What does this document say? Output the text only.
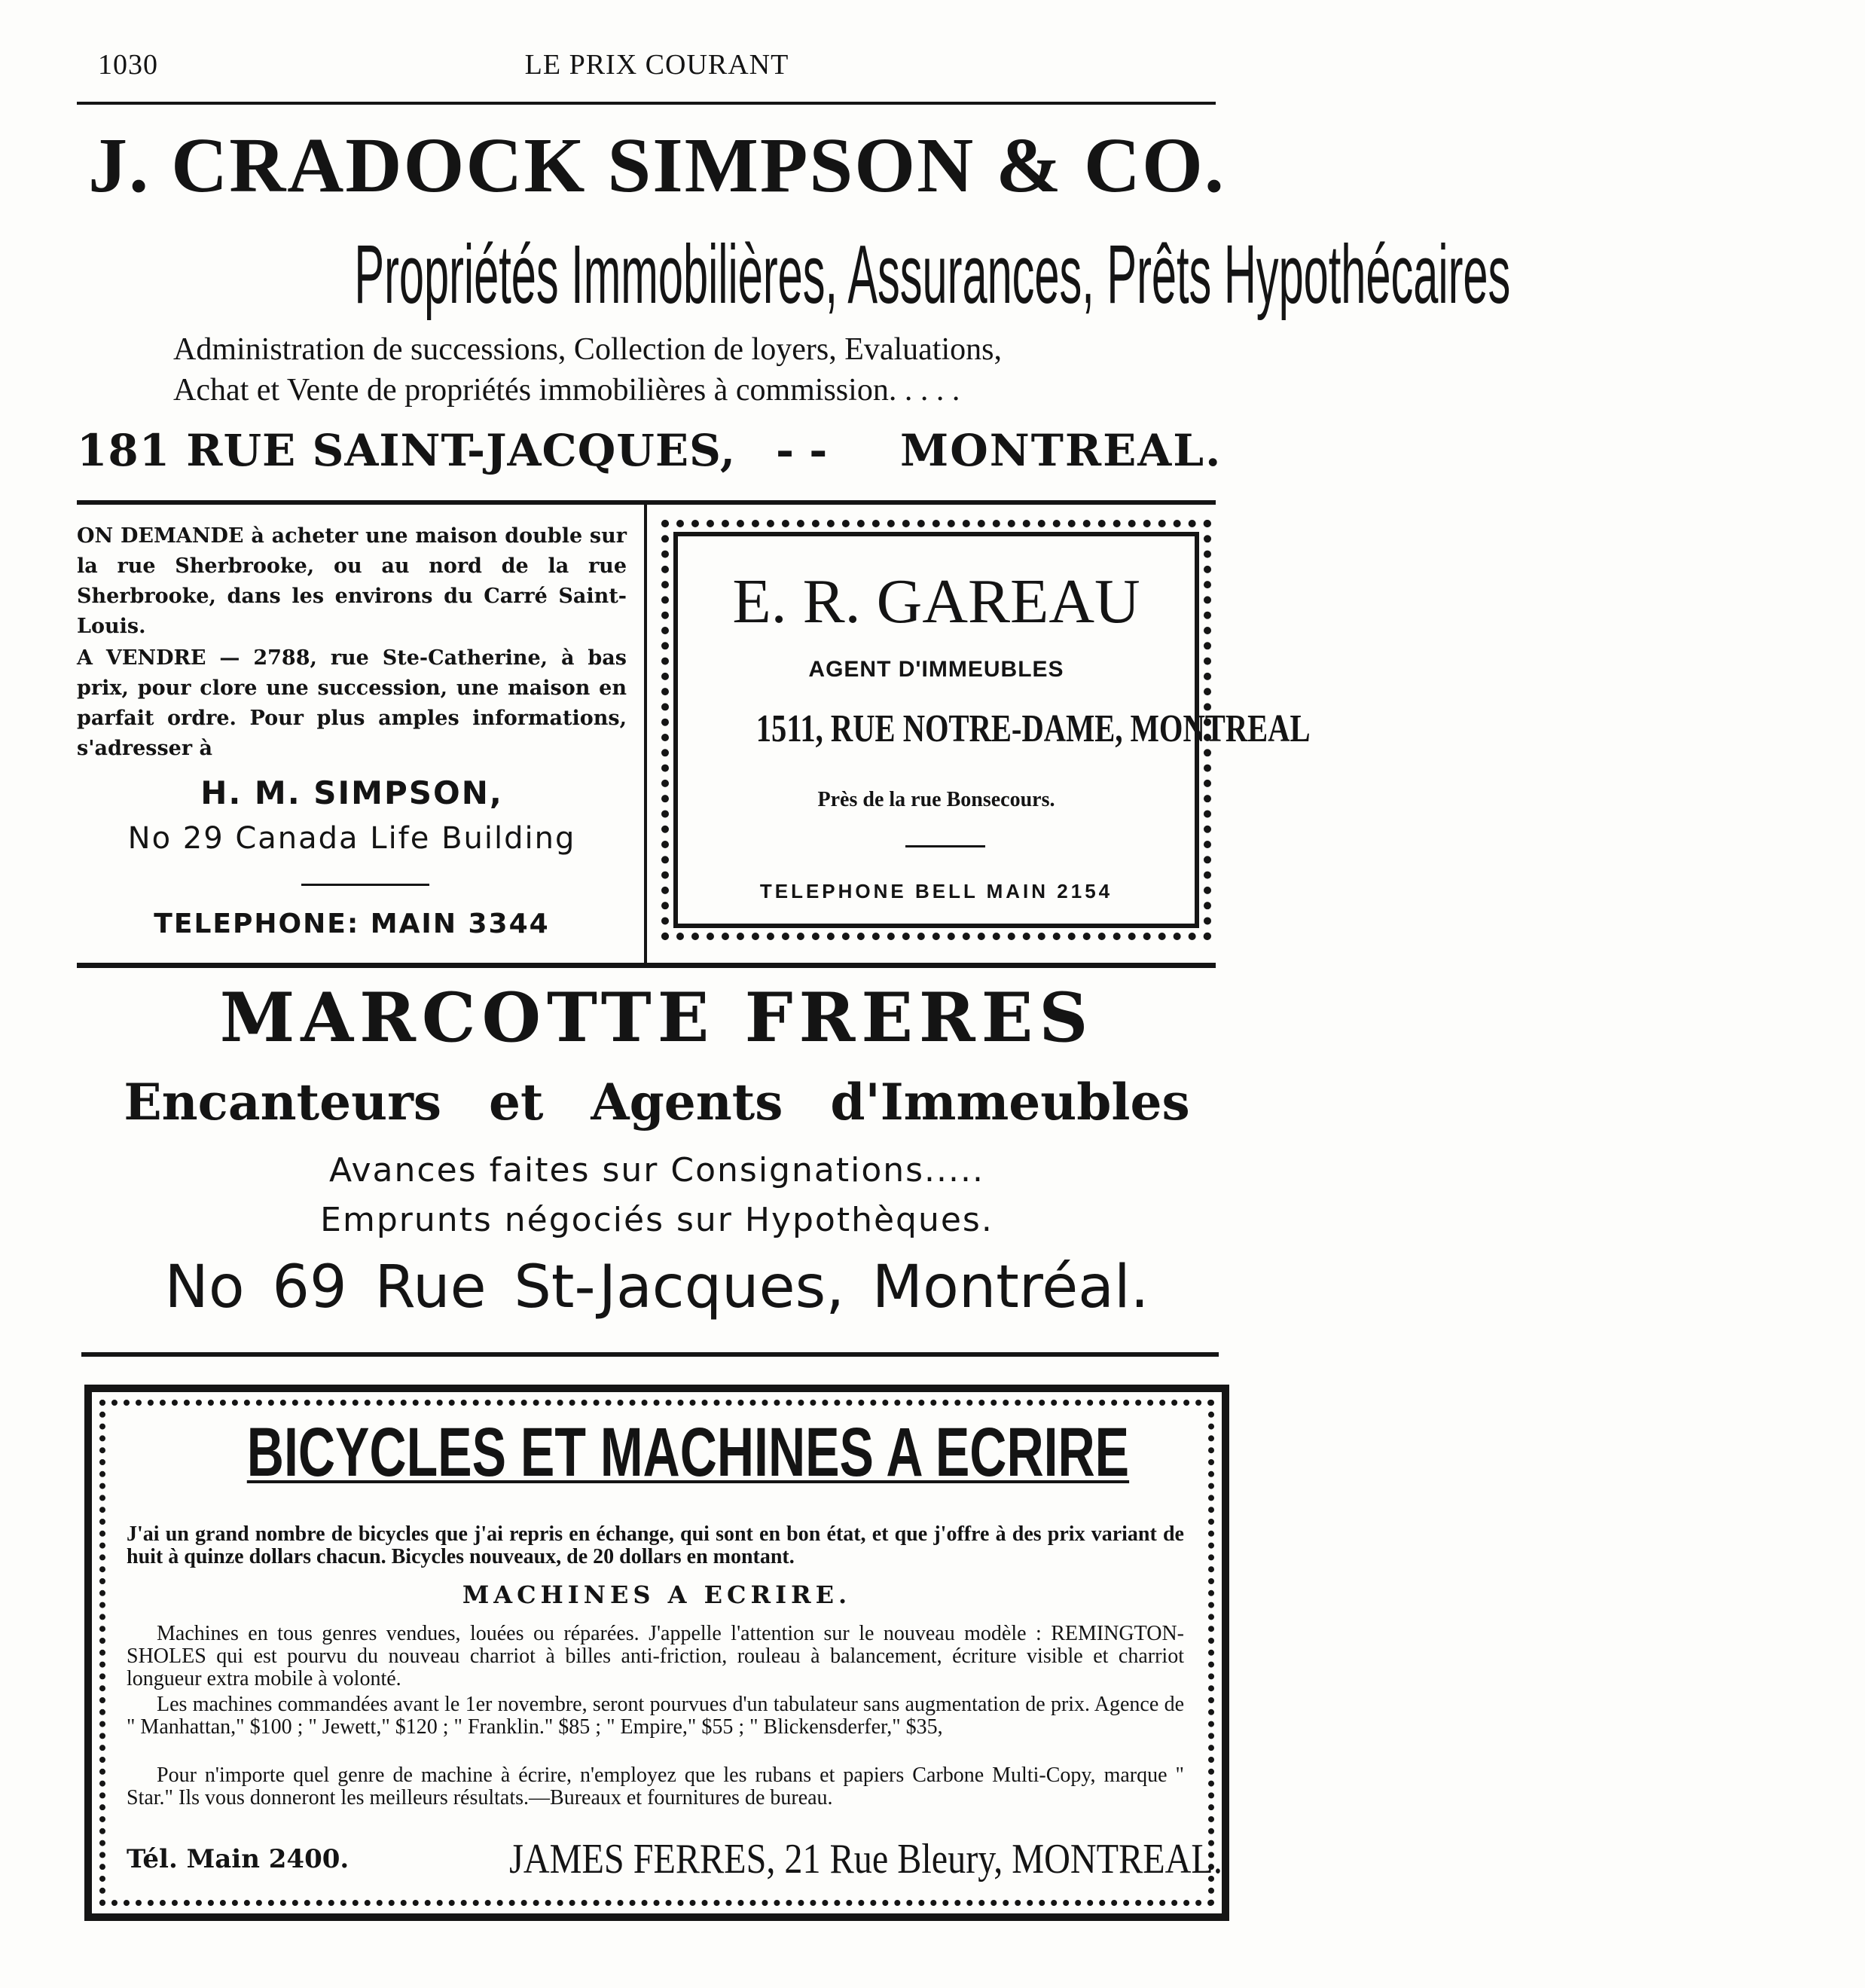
1030	LE PRIX COURANT
J. CRADOCK SIMPSON & CO.
Propriétés Immobilières, Assurances, Prêts Hypothécaires
Administration de successions, Collection de loyers, Evaluations,
Achat et Vente de propriétés immobilières à commission. . . . .
181 RUE SAINT-JACQUES, - - MONTREAL.
ON DEMANDE à acheter une maison double sur la rue Sherbrooke, ou au nord de la rue Sherbrooke, dans les environs du Carré Saint-Louis.
A VENDRE — 2788, rue Ste-Catherine, à bas prix, pour clore une succession, une maison en parfait ordre. Pour plus amples informations, s'adresser à
H. M. SIMPSON,
No 29 Canada Life Building
TELEPHONE: MAIN 3344
E. R. GAREAU
AGENT D'IMMEUBLES
1511, RUE NOTRE-DAME, MONTREAL
Près de la rue Bonsecours.
TELEPHONE BELL MAIN 2154
MARCOTTE FRERES
Encanteurs et Agents d'Immeubles
Avances faites sur Consignations.....
Emprunts négociés sur Hypothèques.
No 69 Rue St-Jacques, Montréal.
BICYCLES ET MACHINES A ECRIRE
J'ai un grand nombre de bicycles que j'ai repris en échange, qui sont en bon état, et que j'offre à des prix variant de huit à quinze dollars chacun. Bicycles nouveaux, de 20 dollars en montant.
MACHINES A ECRIRE.
Machines en tous genres vendues, louées ou réparées. J'appelle l'attention sur le nouveau modèle : REMINGTON-SHOLES qui est pourvu du nouveau charriot à billes anti-friction, rouleau à balancement, écriture visible et charriot longueur extra mobile à volonté.
Les machines commandées avant le 1er novembre, seront pourvues d'un tabulateur sans augmentation de prix. Agence de " Manhattan," $100 ; " Jewett," $120 ; " Franklin." $85 ; " Empire," $55 ; " Blickensderfer," $35,
Pour n'importe quel genre de machine à écrire, n'employez que les rubans et papiers Carbone Multi-Copy, marque " Star." Ils vous donneront les meilleurs résultats.—Bureaux et fournitures de bureau.
Tél. Main 2400.	JAMES FERRES, 21 Rue Bleury, MONTREAL.
